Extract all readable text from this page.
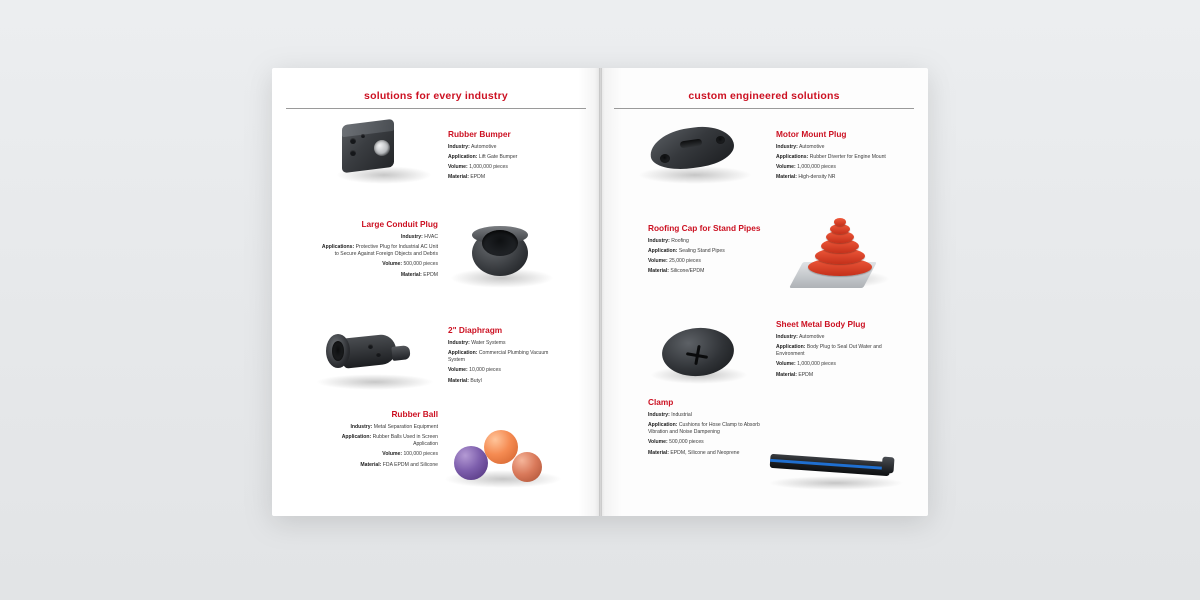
solutions for every industry
Rubber Bumper
Industry: Automotive
Application: Lift Gate Bumper
Volume: 1,000,000 pieces
Material: EPDM
Large Conduit Plug
Industry: HVAC
Applications: Protective Plug for Industrial AC Unit to Secure Against Foreign Objects and Debris
Volume: 500,000 pieces
Material: EPDM
2" Diaphragm
Industry: Water Systems
Application: Commercial Plumbing Vacuum System
Volume: 10,000 pieces
Material: Butyl
Rubber Ball
Industry: Metal Separation Equipment
Application: Rubber Balls Used in Screen Application
Volume: 100,000 pieces
Material: FDA EPDM and Silicone
custom engineered solutions
Motor Mount Plug
Industry: Automotive
Applications: Rubber Diverter for Engine Mount
Volume: 1,000,000 pieces
Material: High-density NR
Roofing Cap for Stand Pipes
Industry: Roofing
Application: Sealing Stand Pipes
Volume: 25,000 pieces
Material: Silicone/EPDM
Sheet Metal Body Plug
Industry: Automotive
Application: Body Plug to Seal Out Water and Environment
Volume: 1,000,000 pieces
Material: EPDM
Clamp
Industry: Industrial
Application: Cushions for Hose Clamp to Absorb Vibration and Noise Dampening
Volume: 500,000 pieces
Material: EPDM, Silicone and Neoprene
